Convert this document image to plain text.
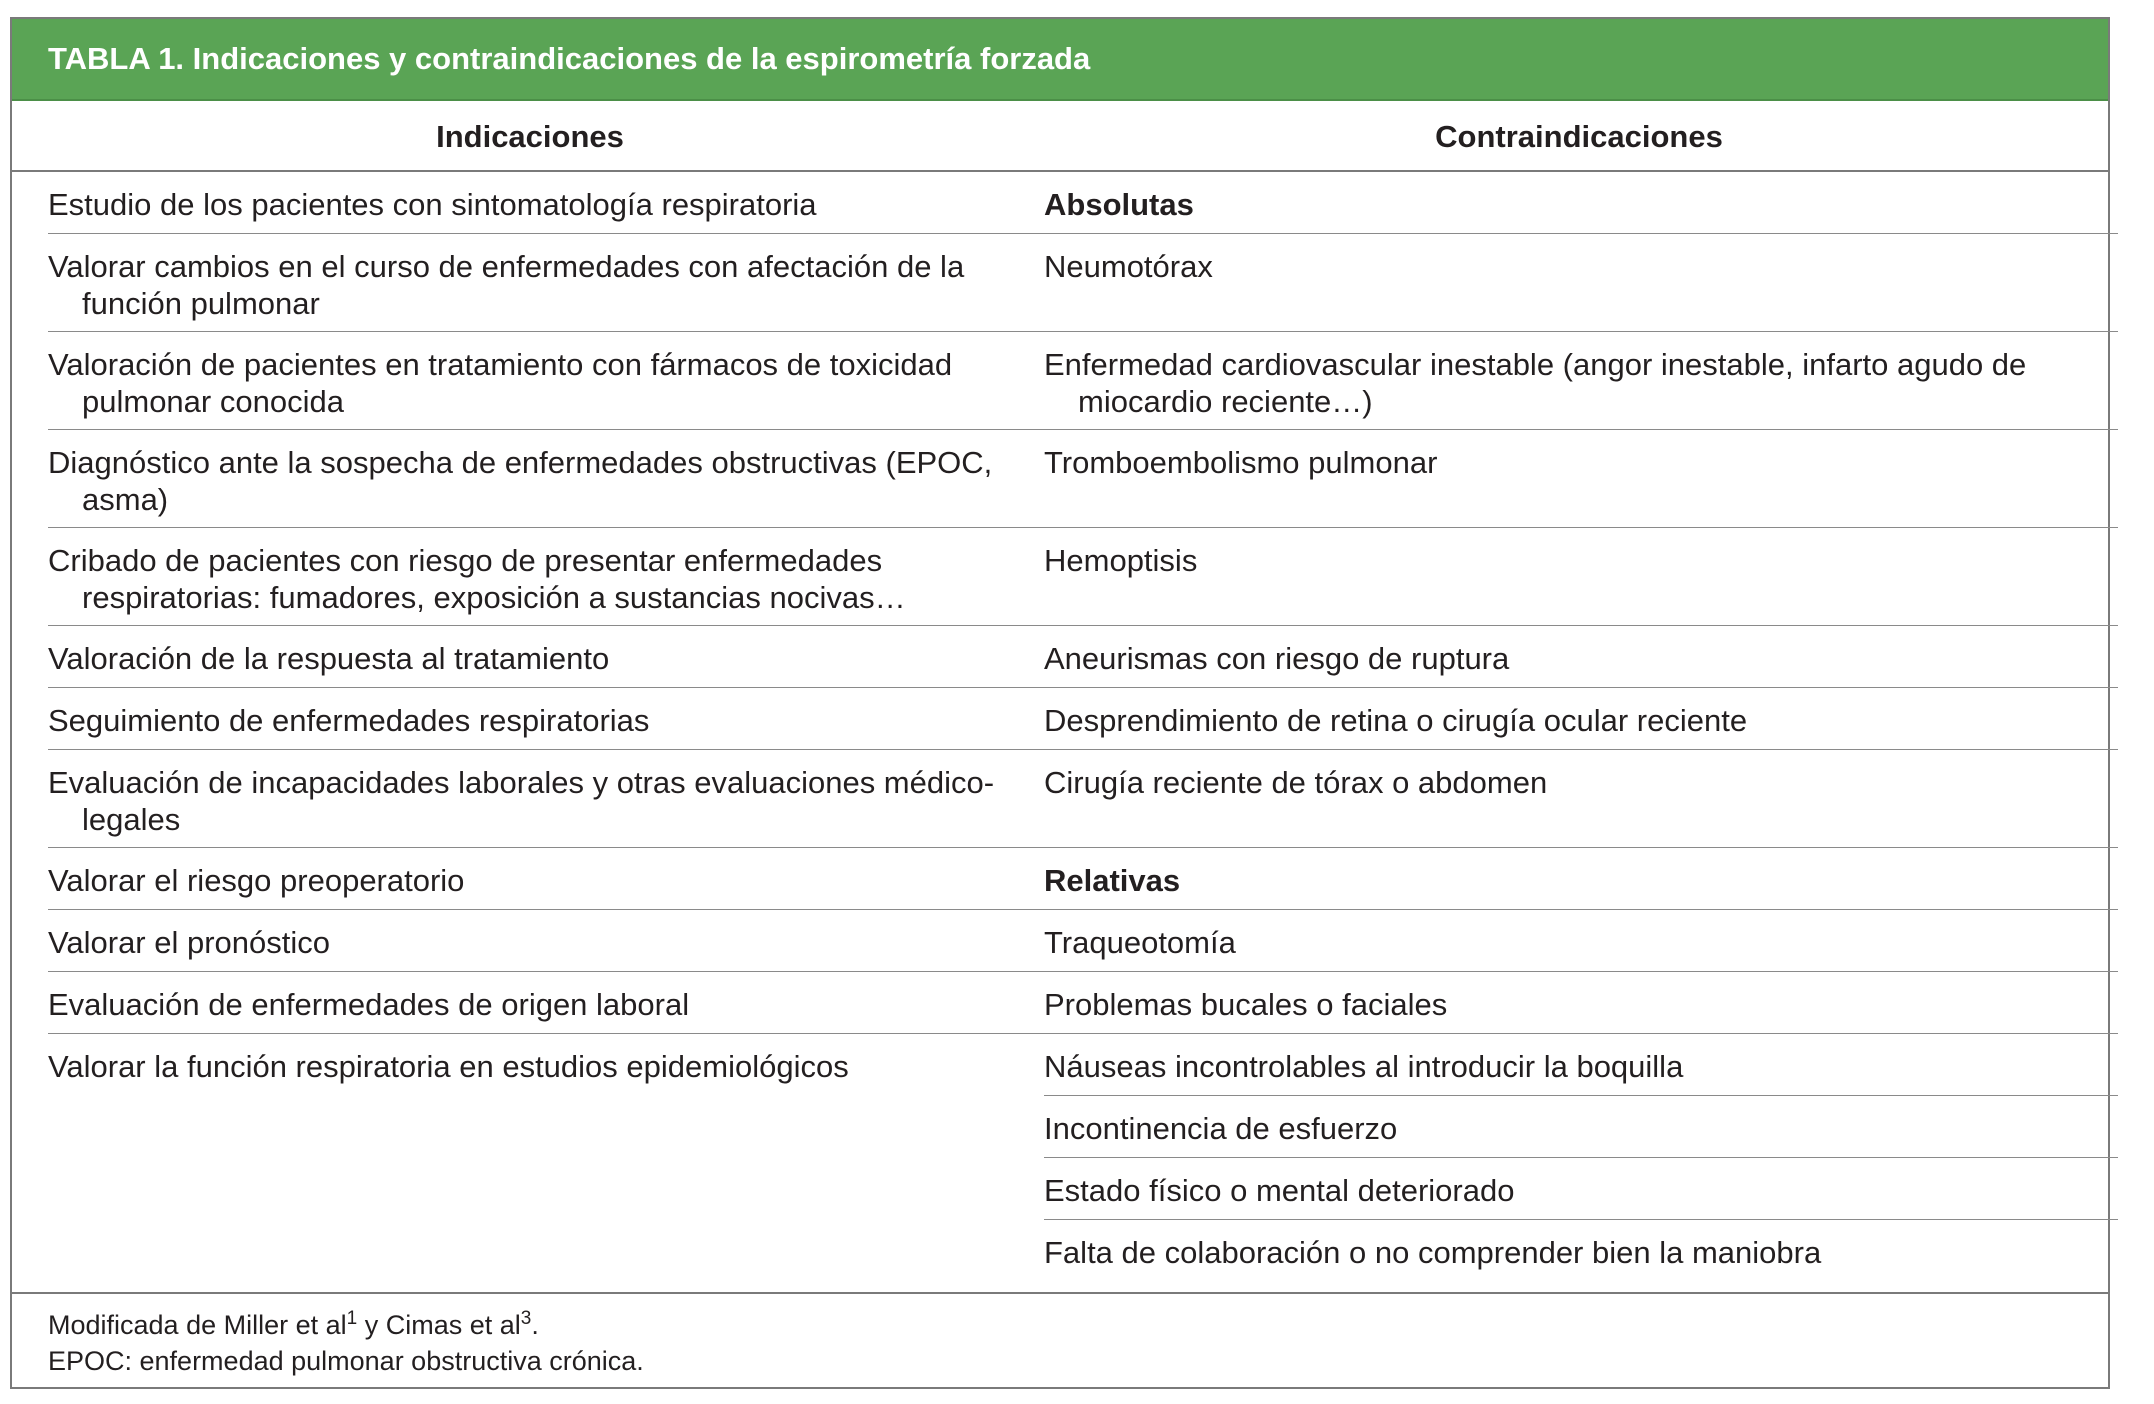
TABLA 1. Indicaciones y contraindicaciones de la espirometría forzada
Indicaciones	Contraindicaciones
Estudio de los pacientes con sintomatología respiratoria
Valorar cambios en el curso de enfermedades con afectación de la función pulmonar
Valoración de pacientes en tratamiento con fármacos de toxicidad pulmonar conocida
Diagnóstico ante la sospecha de enfermedades obstructivas (EPOC, asma)
Cribado de pacientes con riesgo de presentar enfermedades respiratorias: fumadores, exposición a sustancias nocivas…
Valoración de la respuesta al tratamiento
Seguimiento de enfermedades respiratorias
Evaluación de incapacidades laborales y otras evaluaciones médico-legales
Valorar el riesgo preoperatorio
Valorar el pronóstico
Evaluación de enfermedades de origen laboral
Valorar la función respiratoria en estudios epidemiológicos
Absolutas
Neumotórax
Enfermedad cardiovascular inestable (angor inestable, infarto agudo de miocardio reciente…)
Tromboembolismo pulmonar
Hemoptisis
Aneurismas con riesgo de ruptura
Desprendimiento de retina o cirugía ocular reciente
Cirugía reciente de tórax o abdomen
Relativas
Traqueotomía
Problemas bucales o faciales
Náuseas incontrolables al introducir la boquilla
Incontinencia de esfuerzo
Estado físico o mental deteriorado
Falta de colaboración o no comprender bien la maniobra
Modificada de Miller et $al^1$ y Cimas et $al^3$.
EPOC: enfermedad pulmonar obstructiva crónica.
